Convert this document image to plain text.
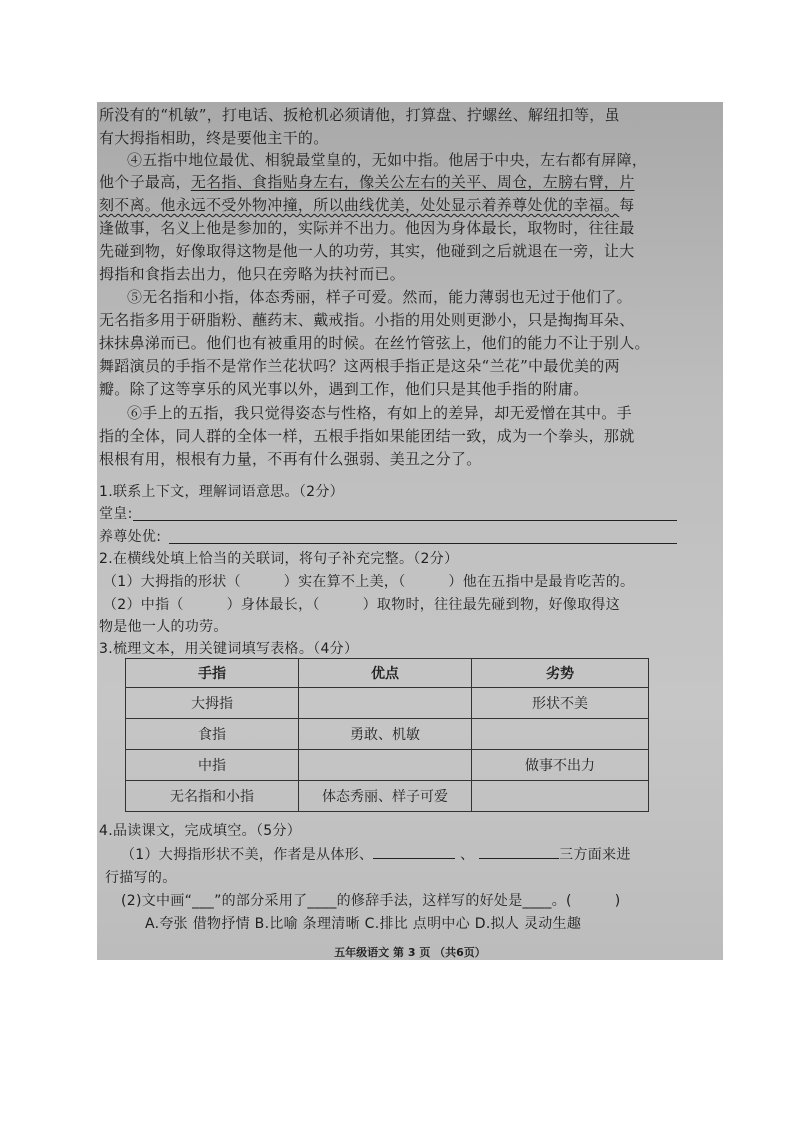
所没有的“机敏”，打电话、扳枪机必须请他，打算盘、拧螺丝、解纽扣等，虽
有大拇指相助，终是要他主干的。
④五指中地位最优、相貌最堂皇的，无如中指。他居于中央，左右都有屏障，
他个子最高，无名指、食指贴身左右，像关公左右的关平、周仓，左膀右臂，片
刻不离。他永远不受外物冲撞，所以曲线优美，处处显示着养尊处优的幸福。每
逢做事，名义上他是参加的，实际并不出力。他因为身体最长，取物时，往往最
先碰到物，好像取得这物是他一人的功劳，其实，他碰到之后就退在一旁，让大
拇指和食指去出力，他只在旁略为扶衬而已。
⑤无名指和小指，体态秀丽，样子可爱。然而，能力薄弱也无过于他们了。
无名指多用于研脂粉、蘸药末、戴戒指。小指的用处则更渺小，只是掏掏耳朵、
抹抹鼻涕而已。他们也有被重用的时候。在丝竹管弦上，他们的能力不让于别人。
舞蹈演员的手指不是常作兰花状吗？这两根手指正是这朵“兰花”中最优美的两
瓣。除了这等享乐的风光事以外，遇到工作，他们只是其他手指的附庸。
⑥手上的五指，我只觉得姿态与性格，有如上的差异，却无爱憎在其中。手
指的全体，同人群的全体一样，五根手指如果能团结一致，成为一个拳头，那就
根根有用，根根有力量，不再有什么强弱、美丑之分了。
1.联系上下文，理解词语意思。（2分）
堂皇:
养尊处优:
2.在横线处填上恰当的关联词，将句子补充完整。（2分）
（1）大拇指的形状（　　　）实在算不上美，（　　　）他在五指中是最肯吃苦的。
（2）中指（　　　）身体最长，（　　　）取物时，往往最先碰到物，好像取得这
物是他一人的功劳。
3.梳理文本，用关键词填写表格。（4分）
手指	优点	劣势
大拇指		形状不美
食指	勇敢、机敏	
中指		做事不出力
无名指和小指	体态秀丽、样子可爱	
4.品读课文，完成填空。（5分）
（1）大拇指形状不美，作者是从体形、	、	三方面来进
行描写的。
(2)文中画“___”的部分采用了____的修辞手法，这样写的好处是____。(　　　)
A.夸张 借物抒情 B.比喻 条理清晰 C.排比 点明中心 D.拟人 灵动生趣
五年级语文 第 3 页 （共6页）
